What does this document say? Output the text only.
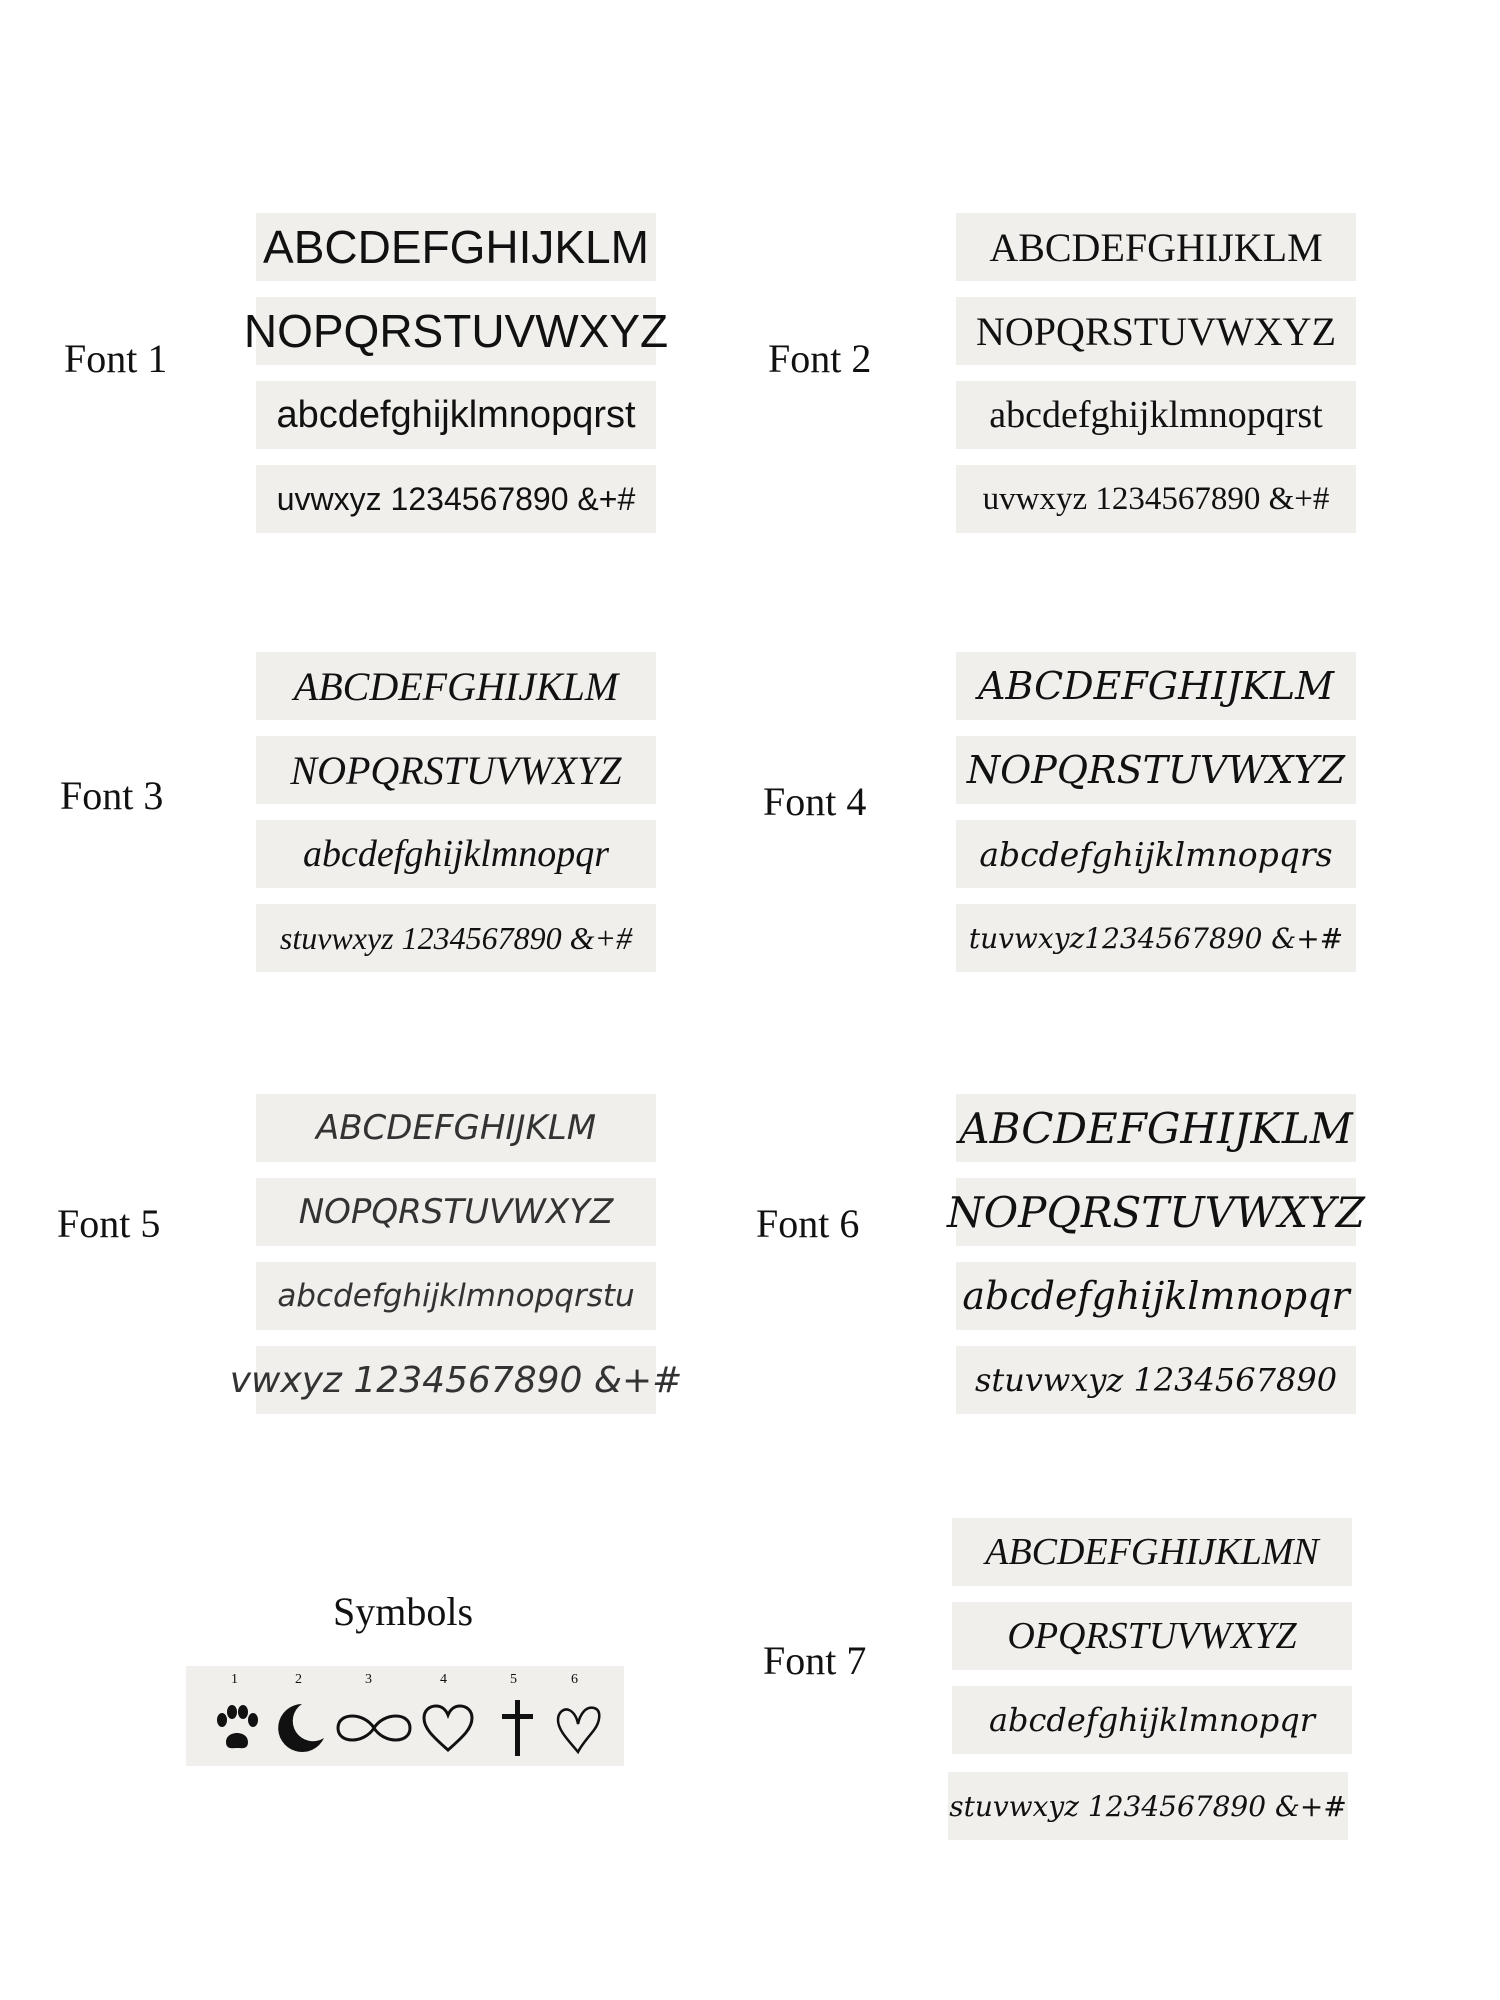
Font 1
ABCDEFGHIJKLM
NOPQRSTUVWXYZ
abcdefghijklmnopqrst
uvwxyz 1234567890 &+#
Font 2
ABCDEFGHIJKLM
NOPQRSTUVWXYZ
abcdefghijklmnopqrst
uvwxyz 1234567890 &+#
Font 3
ABCDEFGHIJKLM
NOPQRSTUVWXYZ
abcdefghijklmnopqr
stuvwxyz 1234567890 &+#
Font 4
ABCDEFGHIJKLM
NOPQRSTUVWXYZ
abcdefghijklmnopqrs
tuvwxyz1234567890 &+#
Font 5
ABCDEFGHIJKLM
NOPQRSTUVWXYZ
abcdefghijklmnopqrstu
vwxyz 1234567890 &+#
Font 6
ABCDEFGHIJKLM
NOPQRSTUVWXYZ
abcdefghijklmnopqr
stuvwxyz 1234567890
Symbols
1	2	3	4	5	6	Font 7
ABCDEFGHIJKLMN
OPQRSTUVWXYZ
abcdefghijklmnopqr
stuvwxyz 1234567890 &+#
